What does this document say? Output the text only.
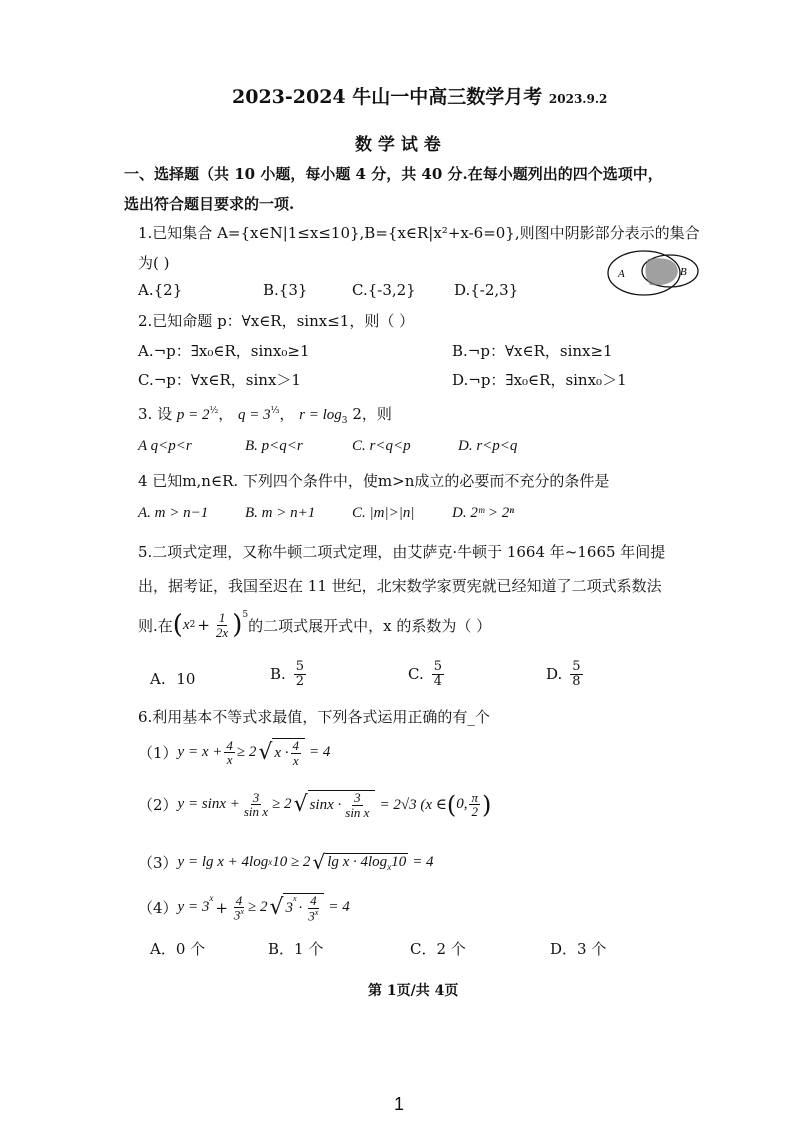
2023-2024 牛山一中高三数学月考 2023.9.2
数 学 试 卷
一、选择题（共 10 小题，每小题 4 分，共 40 分.在每小题列出的四个选项中，
选出符合题目要求的一项.
1.已知集合 A={x∈N|1≤x≤10},B={x∈R|x²+x-6=0},则图中阴影部分表示的集合
为( )
A	B
A.{2}	B.{3}	C.{-3,2}	D.{-2,3}
2.已知命题 p：∀x∈R，sinx≤1，则（ ）
A.¬p：∃x₀∈R，sinx₀≥1	B.¬p：∀x∈R，sinx≥1
C.¬p：∀x∈R，sinx＞1	D.¬p：∃x₀∈R，sinx₀＞1
3. 设 $p = 2^{\frac{1}{2}}$， $q = 3^{\frac{1}{3}}$， $r = \log_3 2$，则
A q<p<r	B. p<q<r	C. r<q<p	D. r<p<q
4 已知m,n∈R. 下列四个条件中，使m>n成立的必要而不充分的条件是
A. m > n−1 B. m > n+1 C. |m|>|n|	D. 2ᵐ > 2ⁿ
5.二项式定理，又称牛顿二项式定理，由艾萨克·牛顿于 1664 年~1665 年间提
出，据考证，我国至迟在 11 世纪，北宋数学家贾宪就已经知道了二项式系数法
则.在 ( x $2 + \frac{1}{2x} )^5$
的二项式展开式中，x 的系数为（ ）
A. 10	B. $\frac{5}{2}$	C. $\frac{5}{4}$	D. $\frac{5}{8}$
6.利用基本不等式求最值，下列各式运用正确的有_个
（1） $y = x + \frac{4}{x} \ge 2$ √ $x \cdot \frac{4}{x} = 4$
（2） $y = \sin x + \frac{3}{\text{sin x}} \ge 2$ √ $\sin x \cdot \frac{3}{\text{sin x}} = 2√3$ (x ∈ ( 0, $\frac{\pi}{2}$ )
（3） y = lg x + 4log x 10 ≥ 2 √ $\lg x \cdot 4\log_x10 = 4$
（4） y = 3
$^x$
+ $\frac{4}{3^x} \ge 2$ √ 3
$^x$
· $\frac{4}{3^x} = 4$
A．0 个	B．1 个	C．2 个	D．3 个
第 1页/共 4页
1
